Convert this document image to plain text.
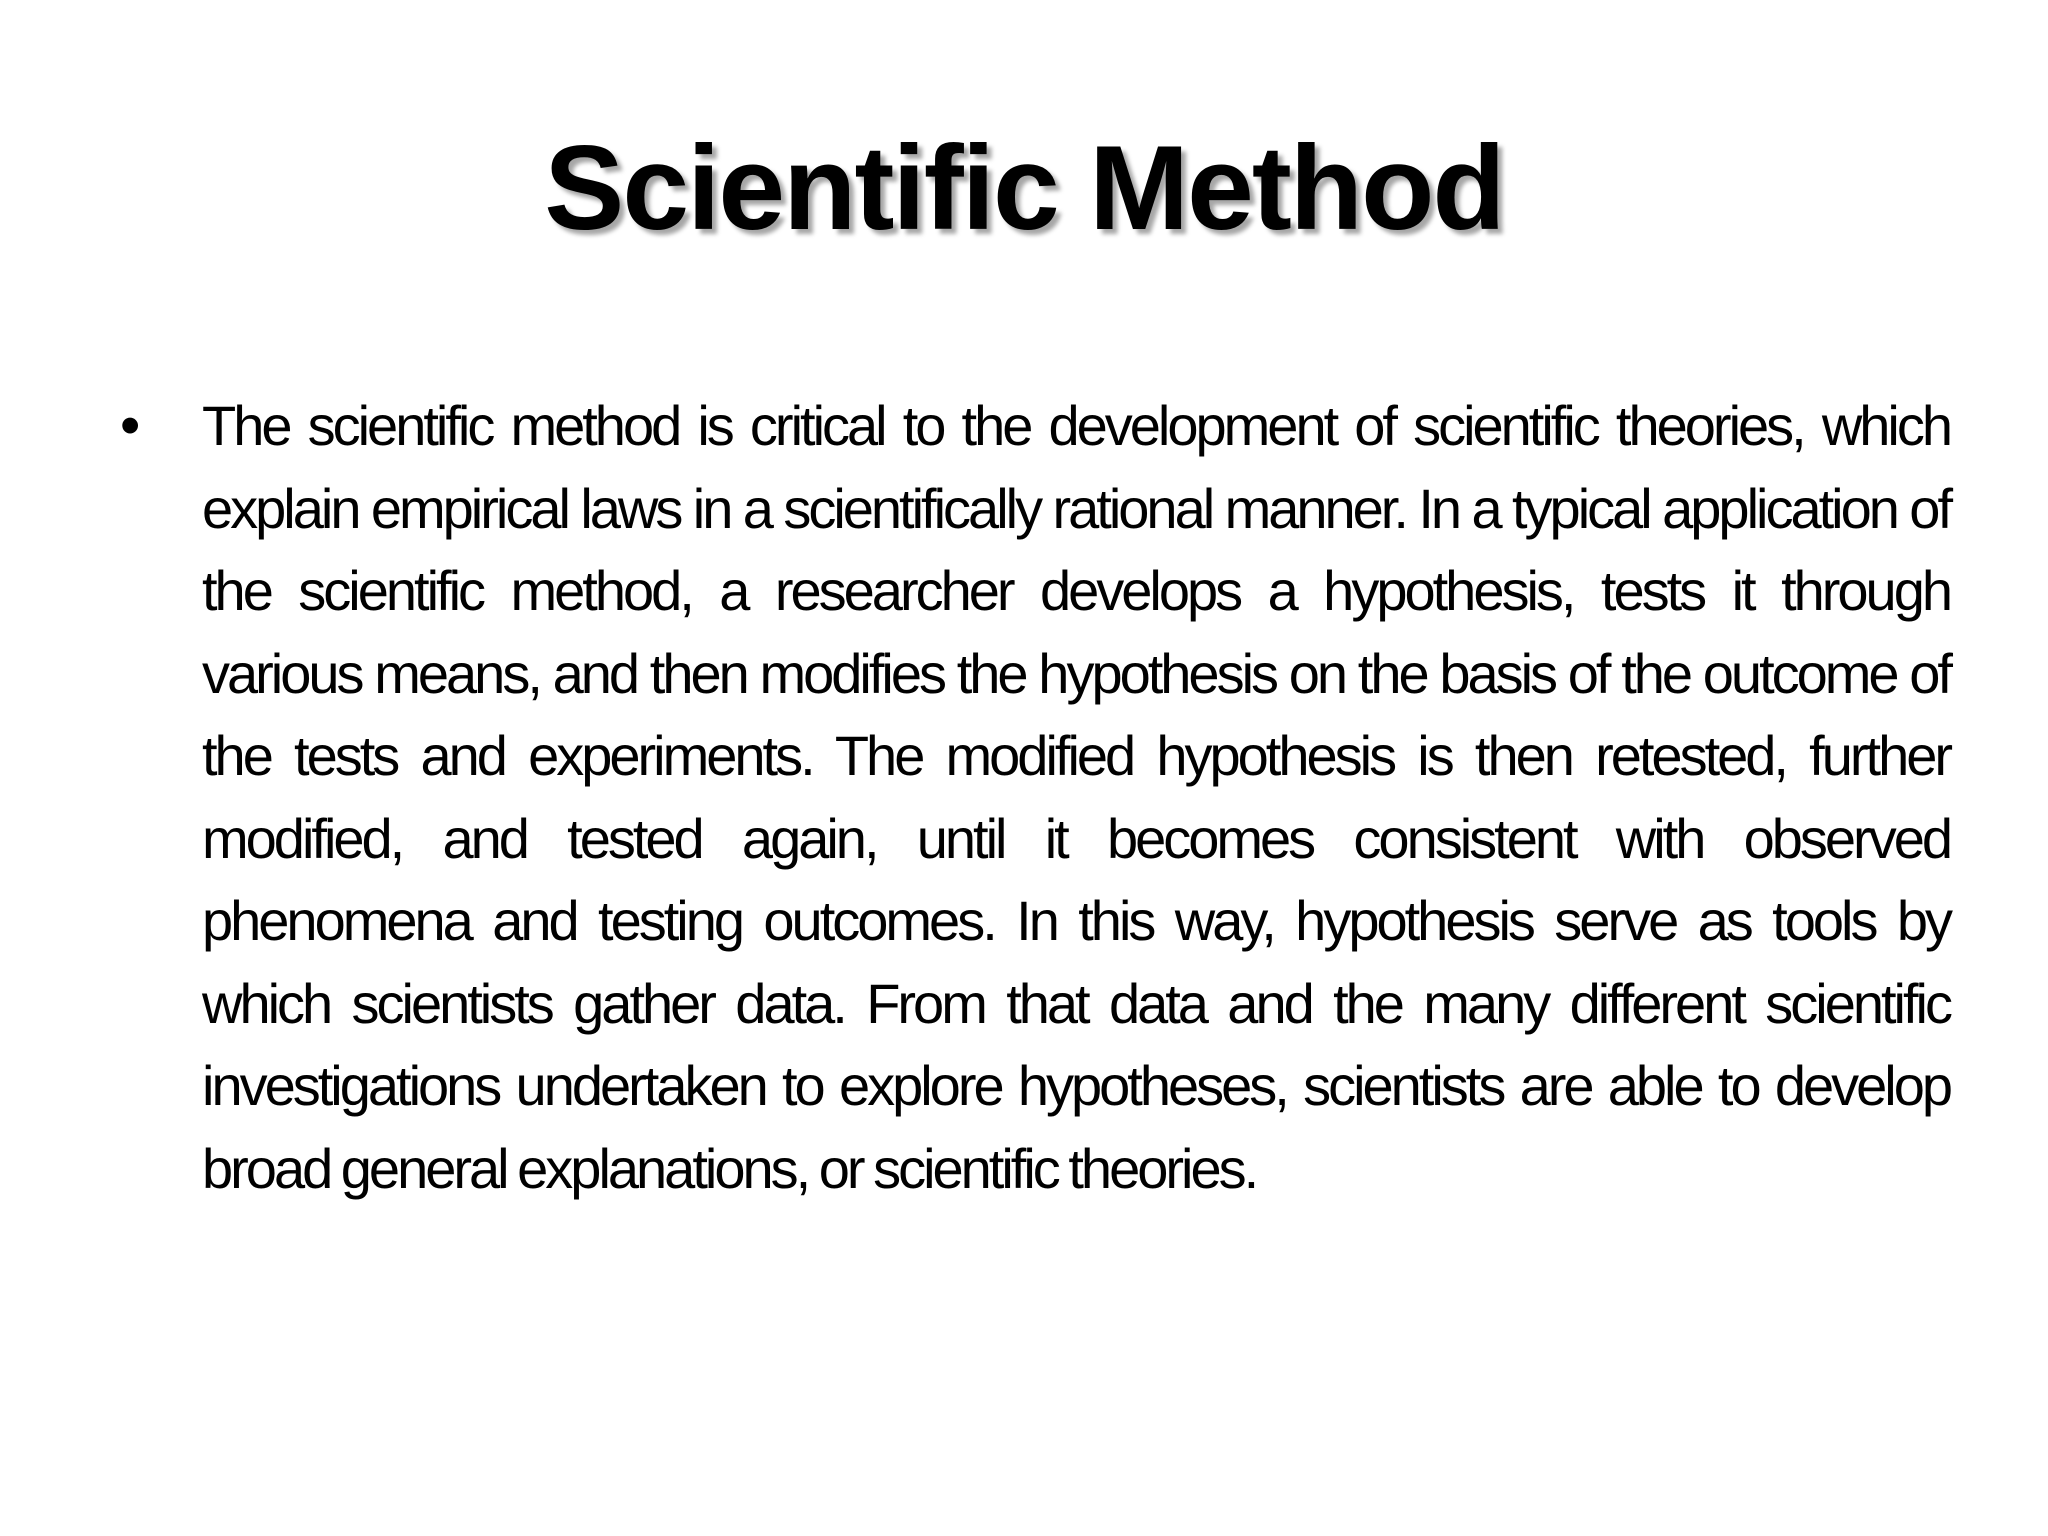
Scientific Method
•	The scientific method is critical to the development of scientific theories, which explain empirical laws in a scientifically rational manner. In a typical application of the scientific method, a researcher develops a hypothesis, tests it through various means, and then modifies the hypothesis on the basis of the outcome of the tests and experiments. The modified hypothesis is then retested, further modified, and tested again, until it becomes consistent with observed phenomena and testing outcomes. In this way, hypothesis serve as tools by which scientists gather data. From that data and the many different scientific investigations undertaken to explore hypotheses, scientists are able to develop broad general explanations, or scientific theories.
